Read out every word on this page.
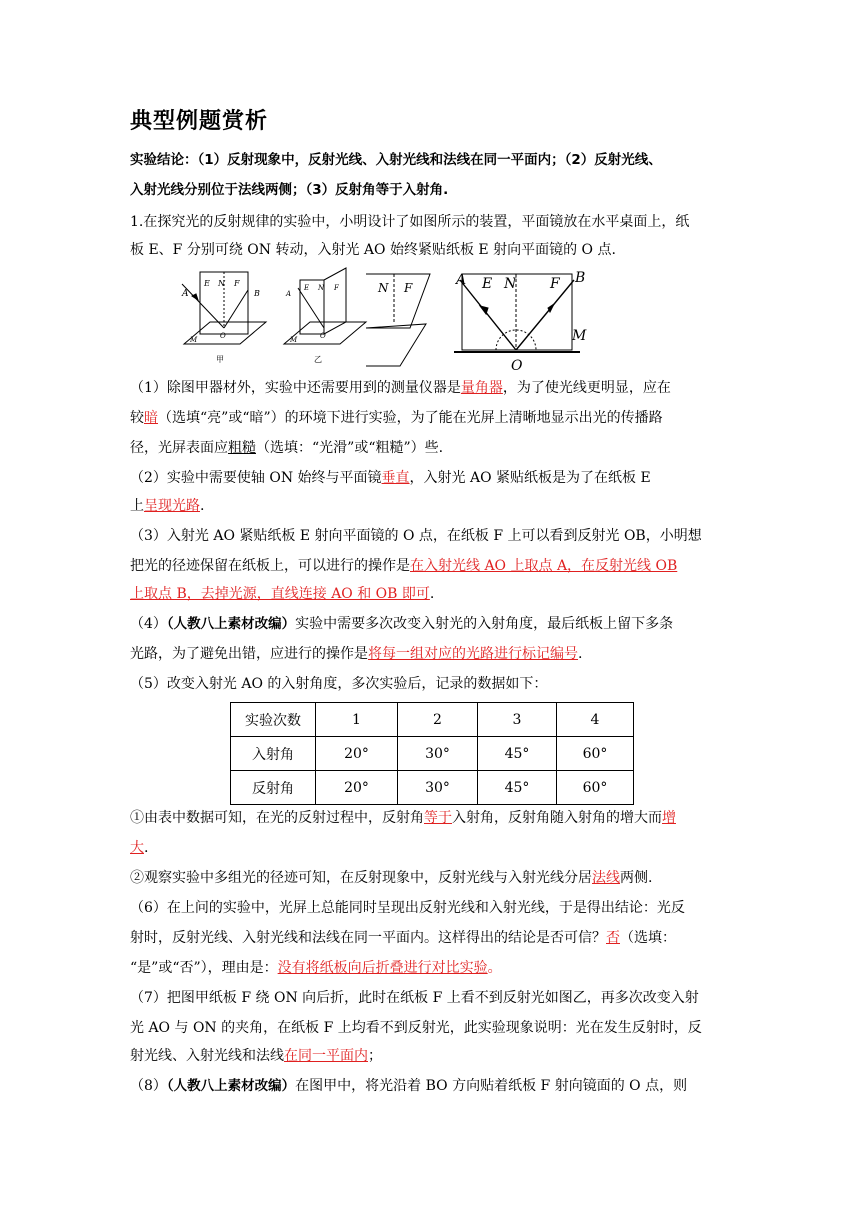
典型例题赏析
实验结论：（1）反射现象中，反射光线、入射光线和法线在同一平面内；（2）反射光线、
入射光线分别位于法线两侧；（3）反射角等于入射角.
1.在探究光的反射规律的实验中，小明设计了如图所示的装置，平面镜放在水平桌面上，纸
板 E、F 分别可绕 ON 转动，入射光 AO 始终紧贴纸板 E 射向平面镜的 O 点.
A
E N F
B
O
M
甲
A
E N F
O
M
乙
N F	A E N F B
M
O
（1）除图甲器材外，实验中还需要用到的测量仪器是量角器，为了使光线更明显，应在
较暗（选填“亮”或“暗”）的环境下进行实验，为了能在光屏上清晰地显示出光的传播路
径，光屏表面应粗糙（选填：“光滑”或“粗糙”）些.
（2）实验中需要使轴 ON 始终与平面镜垂直，入射光 AO 紧贴纸板是为了在纸板 E
上呈现光路.
（3）入射光 AO 紧贴纸板 E 射向平面镜的 O 点，在纸板 F 上可以看到反射光 OB，小明想
把光的径迹保留在纸板上，可以进行的操作是在入射光线 AO 上取点 A，在反射光线 OB
上取点 B，去掉光源，直线连接 AO 和 OB 即可.
（4）（人教八上素材改编）实验中需要多次改变入射光的入射角度，最后纸板上留下多条
光路，为了避免出错，应进行的操作是将每一组对应的光路进行标记编号.
（5）改变入射光 AO 的入射角度，多次实验后，记录的数据如下：
实验次数	1	2	3	4
入射角	20°	30°	45°	60°
反射角	20°	30°	45°	60°
①由表中数据可知，在光的反射过程中，反射角等于入射角，反射角随入射角的增大而增
大.
②观察实验中多组光的径迹可知，在反射现象中，反射光线与入射光线分居法线两侧.
（6）在上问的实验中，光屏上总能同时呈现出反射光线和入射光线，于是得出结论：光反
射时，反射光线、入射光线和法线在同一平面内。这样得出的结论是否可信？否（选填：
“是”或“否”），理由是：没有将纸板向后折叠进行对比实验。
（7）把图甲纸板 F 绕 ON 向后折，此时在纸板 F 上看不到反射光如图乙，再多次改变入射
光 AO 与 ON 的夹角，在纸板 F 上均看不到反射光，此实验现象说明：光在发生反射时，反
射光线、入射光线和法线在同一平面内；
（8）（人教八上素材改编）在图甲中，将光沿着 BO 方向贴着纸板 F 射向镜面的 O 点，则
